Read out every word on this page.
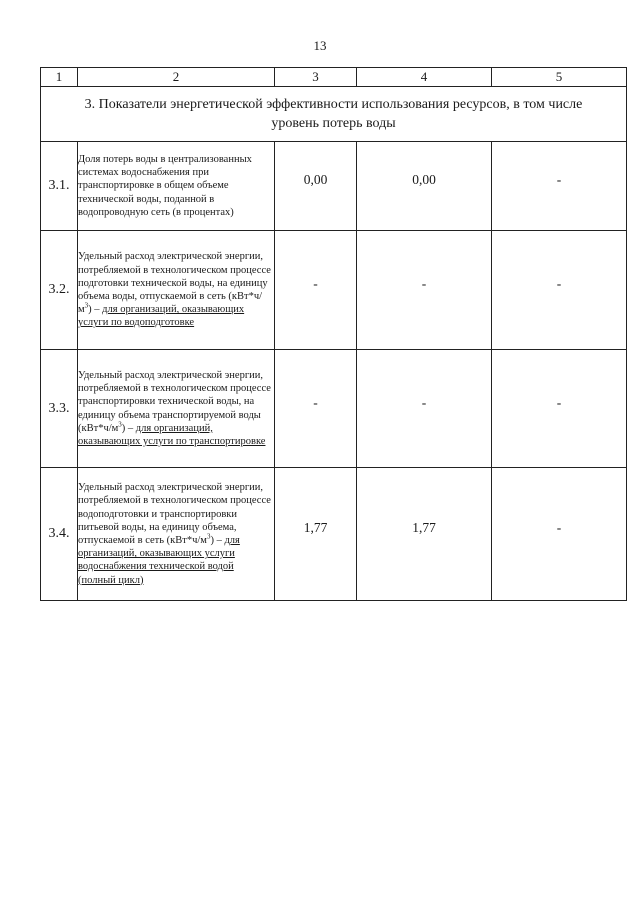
13
1	2	3	4	5
3. Показатели энергетической эффективности использования ресурсов, в том числе уровень потерь воды				
3.1.	Доля потерь воды в централизованных системах водоснабжения при транспортировке в общем объеме технической воды, поданной в водопроводную сеть (в процентах)	0,00	0,00	-
3.2.	Удельный расход электрической энергии, потребляемой в технологическом процессе подготовки технической воды, на единицу объема воды, отпускаемой в сеть $(кВт*ч/м^3)$ – для организаций, оказывающих услуги по водоподготовке	-	-	-
3.3.	Удельный расход электрической энергии, потребляемой в технологическом процессе транспортировки технической воды, на единицу объема транспортируемой воды $(кВт*ч/м^3)$ – для организаций, оказывающих услуги по транспортировке	-	-	-
3.4.	Удельный расход электрической энергии, потребляемой в технологическом процессе водоподготовки и транспортировки питьевой воды, на единицу объема, отпускаемой в сеть $(кВт*ч/м^3)$ – для организаций, оказывающих услуги водоснабжения технической водой (полный цикл)	1,77	1,77	-
